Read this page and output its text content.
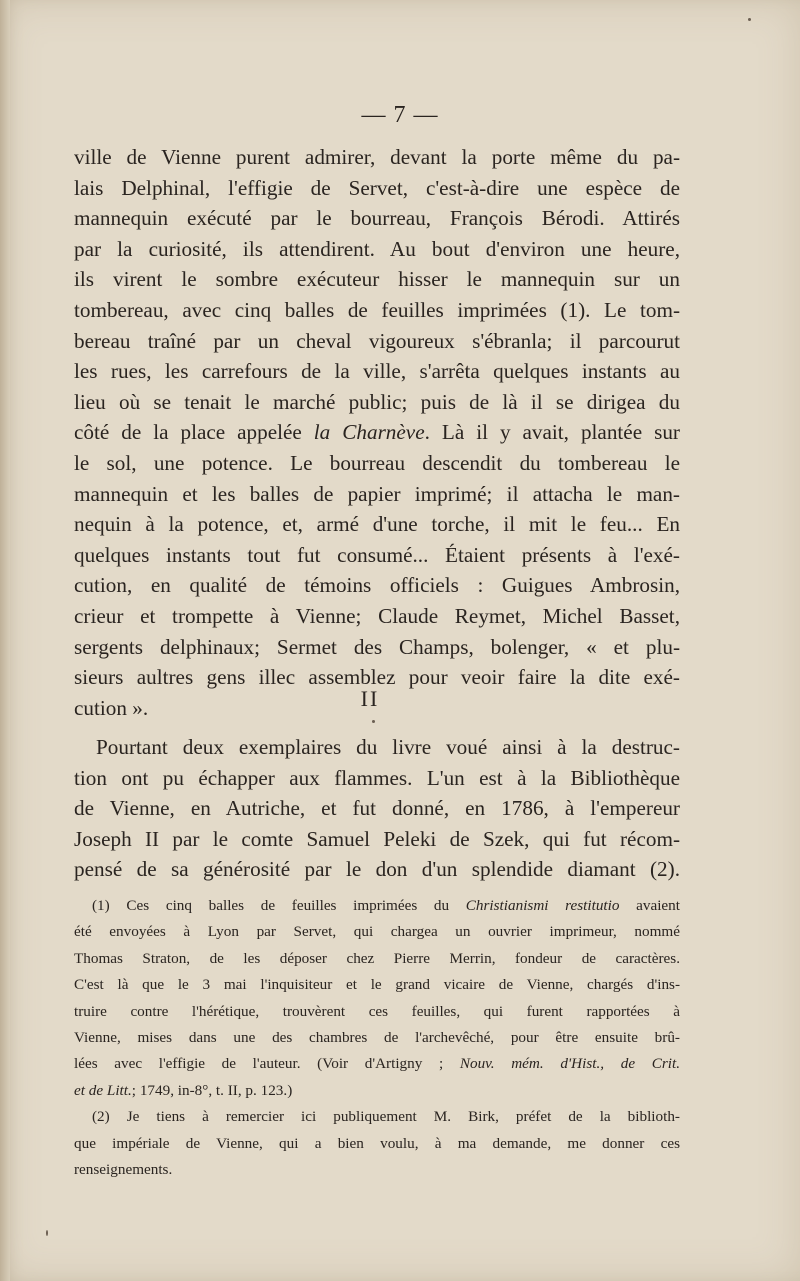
— 7 —
ville de Vienne purent admirer, devant la porte même du pa-
lais Delphinal, l'effigie de Servet, c'est-à-dire une espèce de
mannequin exécuté par le bourreau, François Bérodi. Attirés
par la curiosité, ils attendirent. Au bout d'environ une heure,
ils virent le sombre exécuteur hisser le mannequin sur un
tombereau, avec cinq balles de feuilles imprimées (1). Le tom-
bereau traîné par un cheval vigoureux s'ébranla; il parcourut
les rues, les carrefours de la ville, s'arrêta quelques instants au
lieu où se tenait le marché public; puis de là il se dirigea du
côté de la place appelée la Charnève. Là il y avait, plantée sur
le sol, une potence. Le bourreau descendit du tombereau le
mannequin et les balles de papier imprimé; il attacha le man-
nequin à la potence, et, armé d'une torche, il mit le feu... En
quelques instants tout fut consumé... Étaient présents à l'exé-
cution, en qualité de témoins officiels : Guigues Ambrosin,
crieur et trompette à Vienne; Claude Reymet, Michel Basset,
sergents delphinaux; Sermet des Champs, bolenger, « et plu-
sieurs aultres gens illec assemblez pour veoir faire la dite exé-
cution ».	II
Pourtant deux exemplaires du livre voué ainsi à la destruc-
tion ont pu échapper aux flammes. L'un est à la Bibliothèque
de Vienne, en Autriche, et fut donné, en 1786, à l'empereur
Joseph II par le comte Samuel Peleki de Szek, qui fut récom-
pensé de sa générosité par le don d'un splendide diamant (2).
(1) Ces cinq balles de feuilles imprimées du Christianismi restitutio avaient
été envoyées à Lyon par Servet, qui chargea un ouvrier imprimeur, nommé
Thomas Straton, de les déposer chez Pierre Merrin, fondeur de caractères.
C'est là que le 3 mai l'inquisiteur et le grand vicaire de Vienne, chargés d'ins-
truire contre l'hérétique, trouvèrent ces feuilles, qui furent rapportées à
Vienne, mises dans une des chambres de l'archevêché, pour être ensuite brû-
lées avec l'effigie de l'auteur. (Voir d'Artigny ; Nouv. mém. d'Hist., de Crit.
et de Litt.; 1749, in-8°, t. II, p. 123.)
(2) Je tiens à remercier ici publiquement M. Birk, préfet de la biblioth-
que impériale de Vienne, qui a bien voulu, à ma demande, me donner ces
renseignements.
